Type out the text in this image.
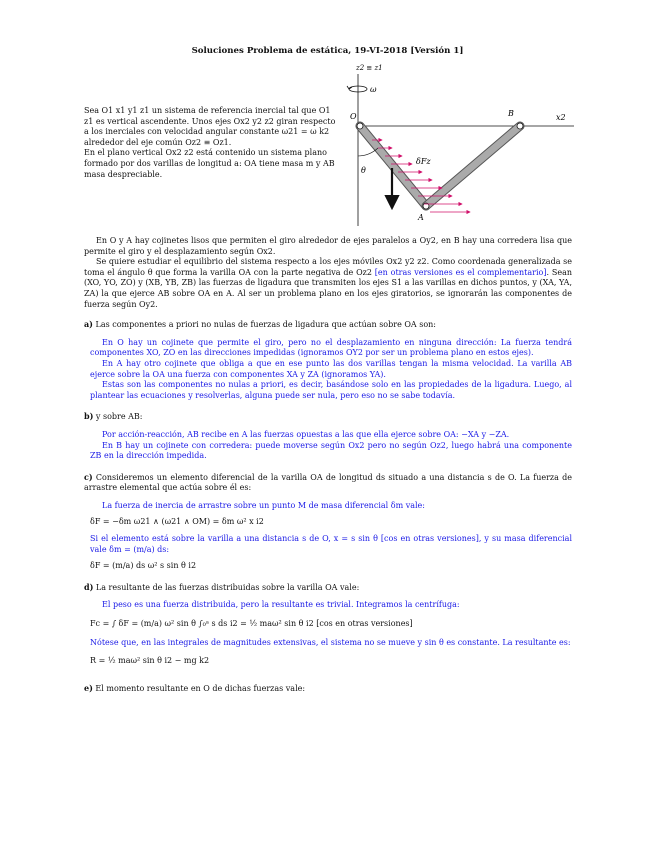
Soluciones Problema de estática, 19-VI-2018 [Versión 1]

Sea O1 x1 y1 z1 un sistema de referencia inercial tal que O1 z1 es vertical ascendente. Unos ejes Ox2 y2 z2 giran respecto a los inerciales con velocidad angular constante ω21 = ω k2 alrededor del eje común Oz2 ≡ Oz1.

En el plano vertical Ox2 z2 está contenido un sistema plano formado por dos varillas de longitud a: OA tiene masa m y AB masa despreciable.

z2 ≡ z1
ω
x2
O	B
A
θ
δFz

En O y A hay cojinetes lisos que permiten el giro alrededor de ejes paralelos a Oy2, en B hay una corredera lisa que permite el giro y el desplazamiento según Ox2.

Se quiere estudiar el equilibrio del sistema respecto a los ejes móviles Ox2 y2 z2. Como coordenada generalizada se toma el ángulo θ que forma la varilla OA con la parte negativa de Oz2 [en otras versiones es el complementario]. Sean (XO, YO, ZO) y (XB, YB, ZB) las fuerzas de ligadura que transmiten los ejes S1 a las varillas en dichos puntos, y (XA, YA, ZA) la que ejerce AB sobre OA en A. Al ser un problema plano en los ejes giratorios, se ignorarán las componentes de fuerza según Oy2.

a) Las componentes a priori no nulas de fuerzas de ligadura que actúan sobre OA son:

En O hay un cojinete que permite el giro, pero no el desplazamiento en ninguna dirección: La fuerza tendrá componentes XO, ZO en las direcciones impedidas (ignoramos OY2 por ser un problema plano en estos ejes).

En A hay otro cojinete que obliga a que en ese punto las dos varillas tengan la misma velocidad. La varilla AB ejerce sobre la OA una fuerza con componentes XA y ZA (ignoramos YA).

Estas son las componentes no nulas a priori, es decir, basándose solo en las propiedades de la ligadura. Luego, al plantear las ecuaciones y resolverlas, alguna puede ser nula, pero eso no se sabe todavía.

b) y sobre AB:

Por acción-reacción, AB recibe en A las fuerzas opuestas a las que ella ejerce sobre OA: −XA y −ZA.

En B hay un cojinete con corredera: puede moverse según Ox2 pero no según Oz2, luego habrá una componente ZB en la dirección impedida.

c) Consideremos un elemento diferencial de la varilla OA de longitud ds situado a una distancia s de O. La fuerza de arrastre elemental que actúa sobre él es:

La fuerza de inercia de arrastre sobre un punto M de masa diferencial δm vale:

δF = −δm ω21 ∧ (ω21 ∧ OM) = δm ω² x i2

Si el elemento está sobre la varilla a una distancia s de O, x = s sin θ [cos en otras versiones], y su masa diferencial vale δm = (m/a) ds:

δF = (m/a) ds ω² s sin θ i2

d) La resultante de las fuerzas distribuidas sobre la varilla OA vale:

El peso es una fuerza distribuida, pero la resultante es trivial. Integramos la centrífuga:

Fc = ∫ δF = (m/a) ω² sin θ ∫₀ᵃ s ds i2 = ½ maω² sin θ i2 [cos en otras versiones]

Nótese que, en las integrales de magnitudes extensivas, el sistema no se mueve y sin θ es constante. La resultante es:

R = ½ maω² sin θ i2 − mg k2

e) El momento resultante en O de dichas fuerzas vale:
